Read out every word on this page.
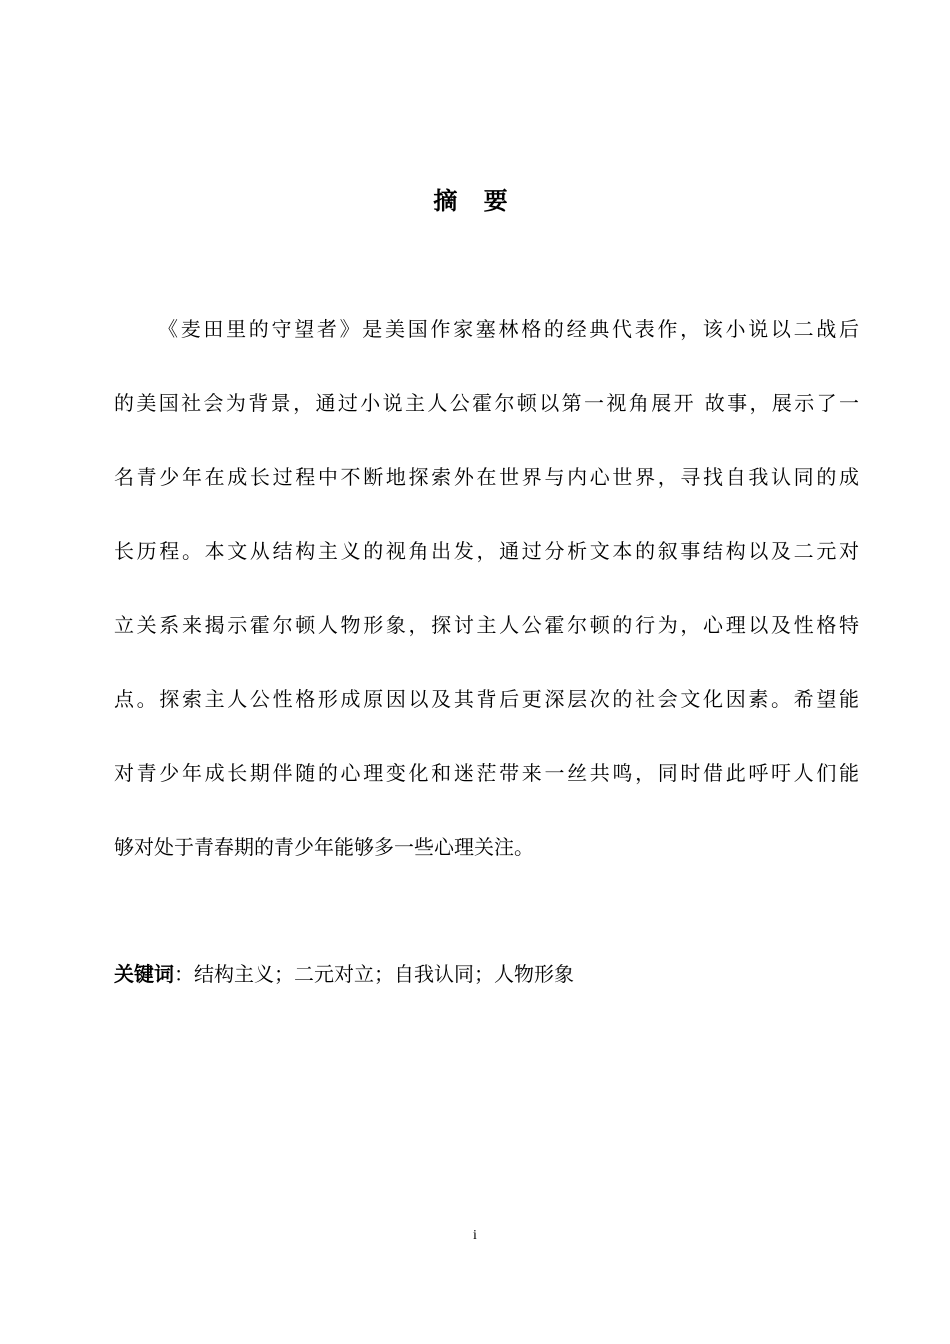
摘 要
《麦田里的守望者》是美国作家塞林格的经典代表作，该小说以二战后
的美国社会为背景，通过小说主人公霍尔顿以第一视角展开 故事，展示了一
名青少年在成长过程中不断地探索外在世界与内心世界，寻找自我认同的成
长历程。本文从结构主义的视角出发，通过分析文本的叙事结构以及二元对
立关系来揭示霍尔顿人物形象，探讨主人公霍尔顿的行为，心理以及性格特
点。探索主人公性格形成原因以及其背后更深层次的社会文化因素。希望能
对青少年成长期伴随的心理变化和迷茫带来一丝共鸣，同时借此呼吁人们能
够对处于青春期的青少年能够多一些心理关注。
关键词：结构主义；二元对立；自我认同；人物形象
i
